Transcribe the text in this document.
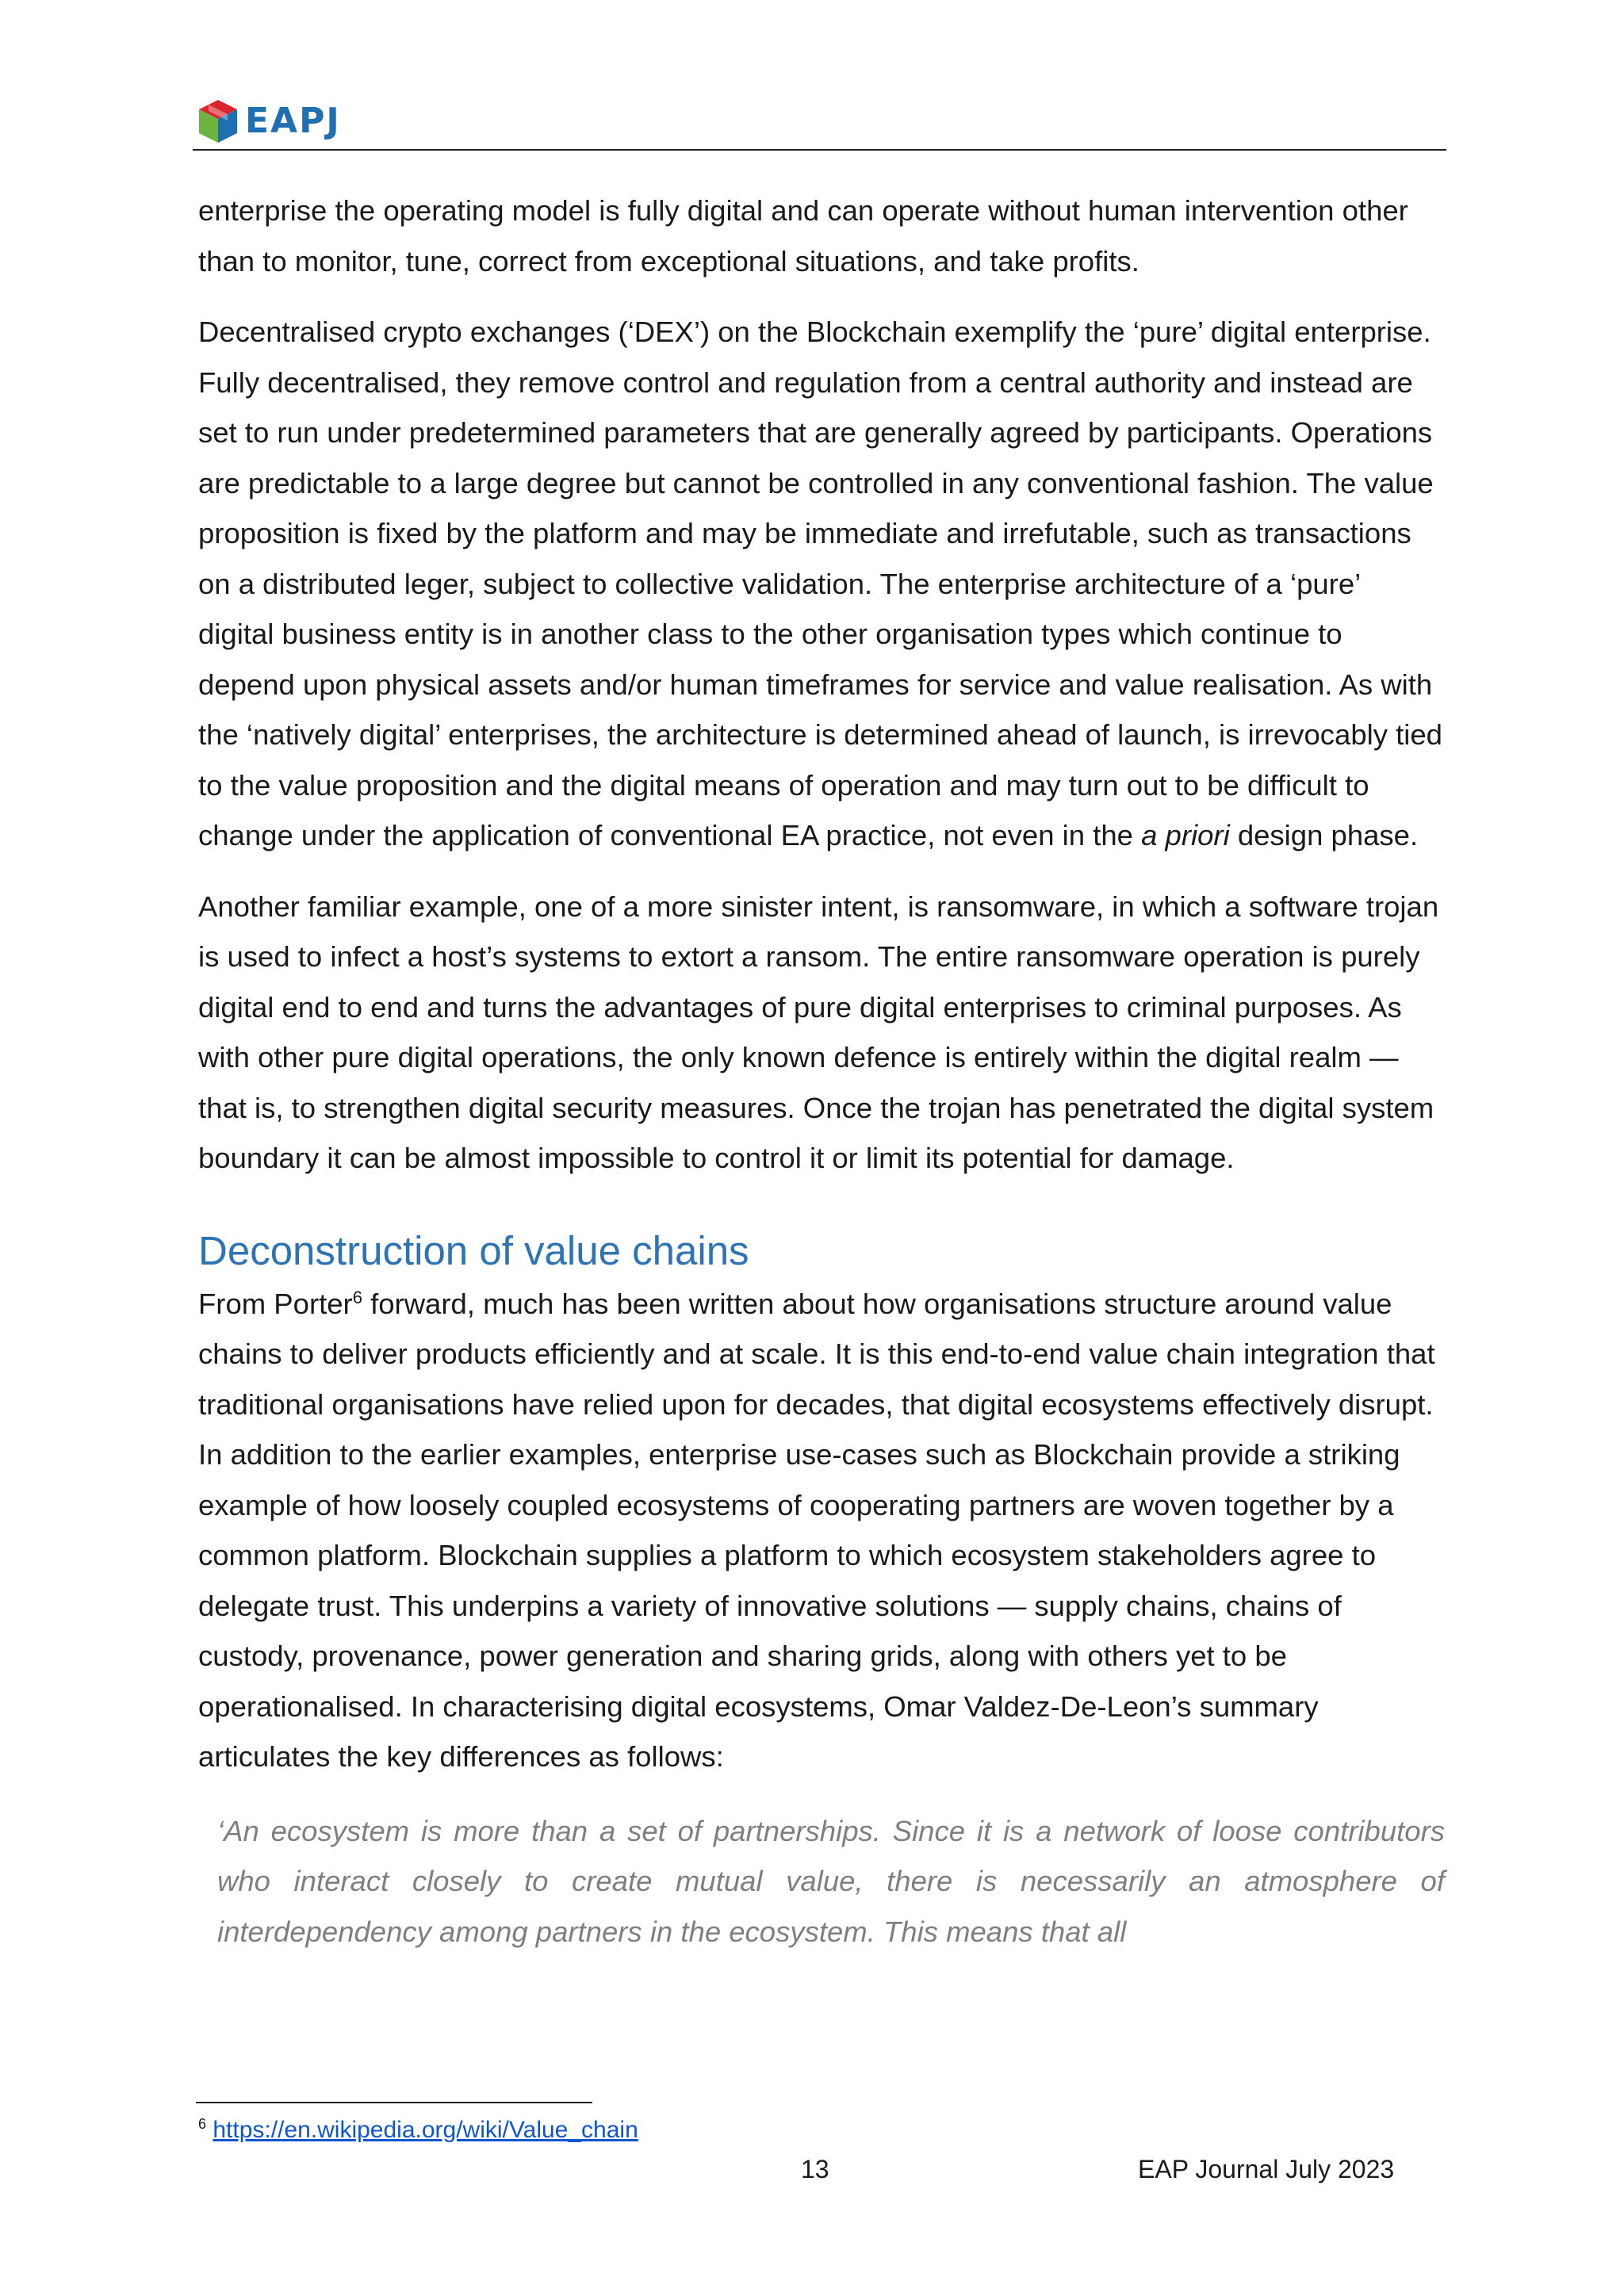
EAPJ

enterprise the operating model is fully digital and can operate without human intervention other than to monitor, tune, correct from exceptional situations, and take profits.

Decentralised crypto exchanges (‘DEX’) on the Blockchain exemplify the ‘pure’ digital enterprise. Fully decentralised, they remove control and regulation from a central authority and instead are set to run under predetermined parameters that are generally agreed by participants. Operations are predictable to a large degree but cannot be controlled in any conventional fashion. The value proposition is fixed by the platform and may be immediate and irrefutable, such as transactions on a distributed leger, subject to collective validation. The enterprise architecture of a ‘pure’ digital business entity is in another class to the other organisation types which continue to depend upon physical assets and/or human timeframes for service and value realisation. As with the ‘natively digital’ enterprises, the architecture is determined ahead of launch, is irrevocably tied to the value proposition and the digital means of operation and may turn out to be difficult to change under the application of conventional EA practice, not even in the a priori design phase.

Another familiar example, one of a more sinister intent, is ransomware, in which a software trojan is used to infect a host’s systems to extort a ransom. The entire ransomware operation is purely digital end to end and turns the advantages of pure digital enterprises to criminal purposes. As with other pure digital operations, the only known defence is entirely within the digital realm — that is, to strengthen digital security measures. Once the trojan has penetrated the digital system boundary it can be almost impossible to control it or limit its potential for damage.

Deconstruction of value chains

From Porter$^6$ forward, much has been written about how organisations structure around value chains to deliver products efficiently and at scale. It is this end-to-end value chain integration that traditional organisations have relied upon for decades, that digital ecosystems effectively disrupt. In addition to the earlier examples, enterprise use-cases such as Blockchain provide a striking example of how loosely coupled ecosystems of cooperating partners are woven together by a common platform. Blockchain supplies a platform to which ecosystem stakeholders agree to delegate trust. This underpins a variety of innovative solutions — supply chains, chains of custody, provenance, power generation and sharing grids, along with others yet to be operationalised. In characterising digital ecosystems, Omar Valdez-De-Leon’s summary articulates the key differences as follows:

‘An ecosystem is more than a set of partnerships. Since it is a network of loose contributors who interact closely to create mutual value, there is necessarily an atmosphere of interdependency among partners in the ecosystem. This means that all
$^6$ https://en.wikipedia.org/wiki/Value_chain
13	EAP Journal July 2023
